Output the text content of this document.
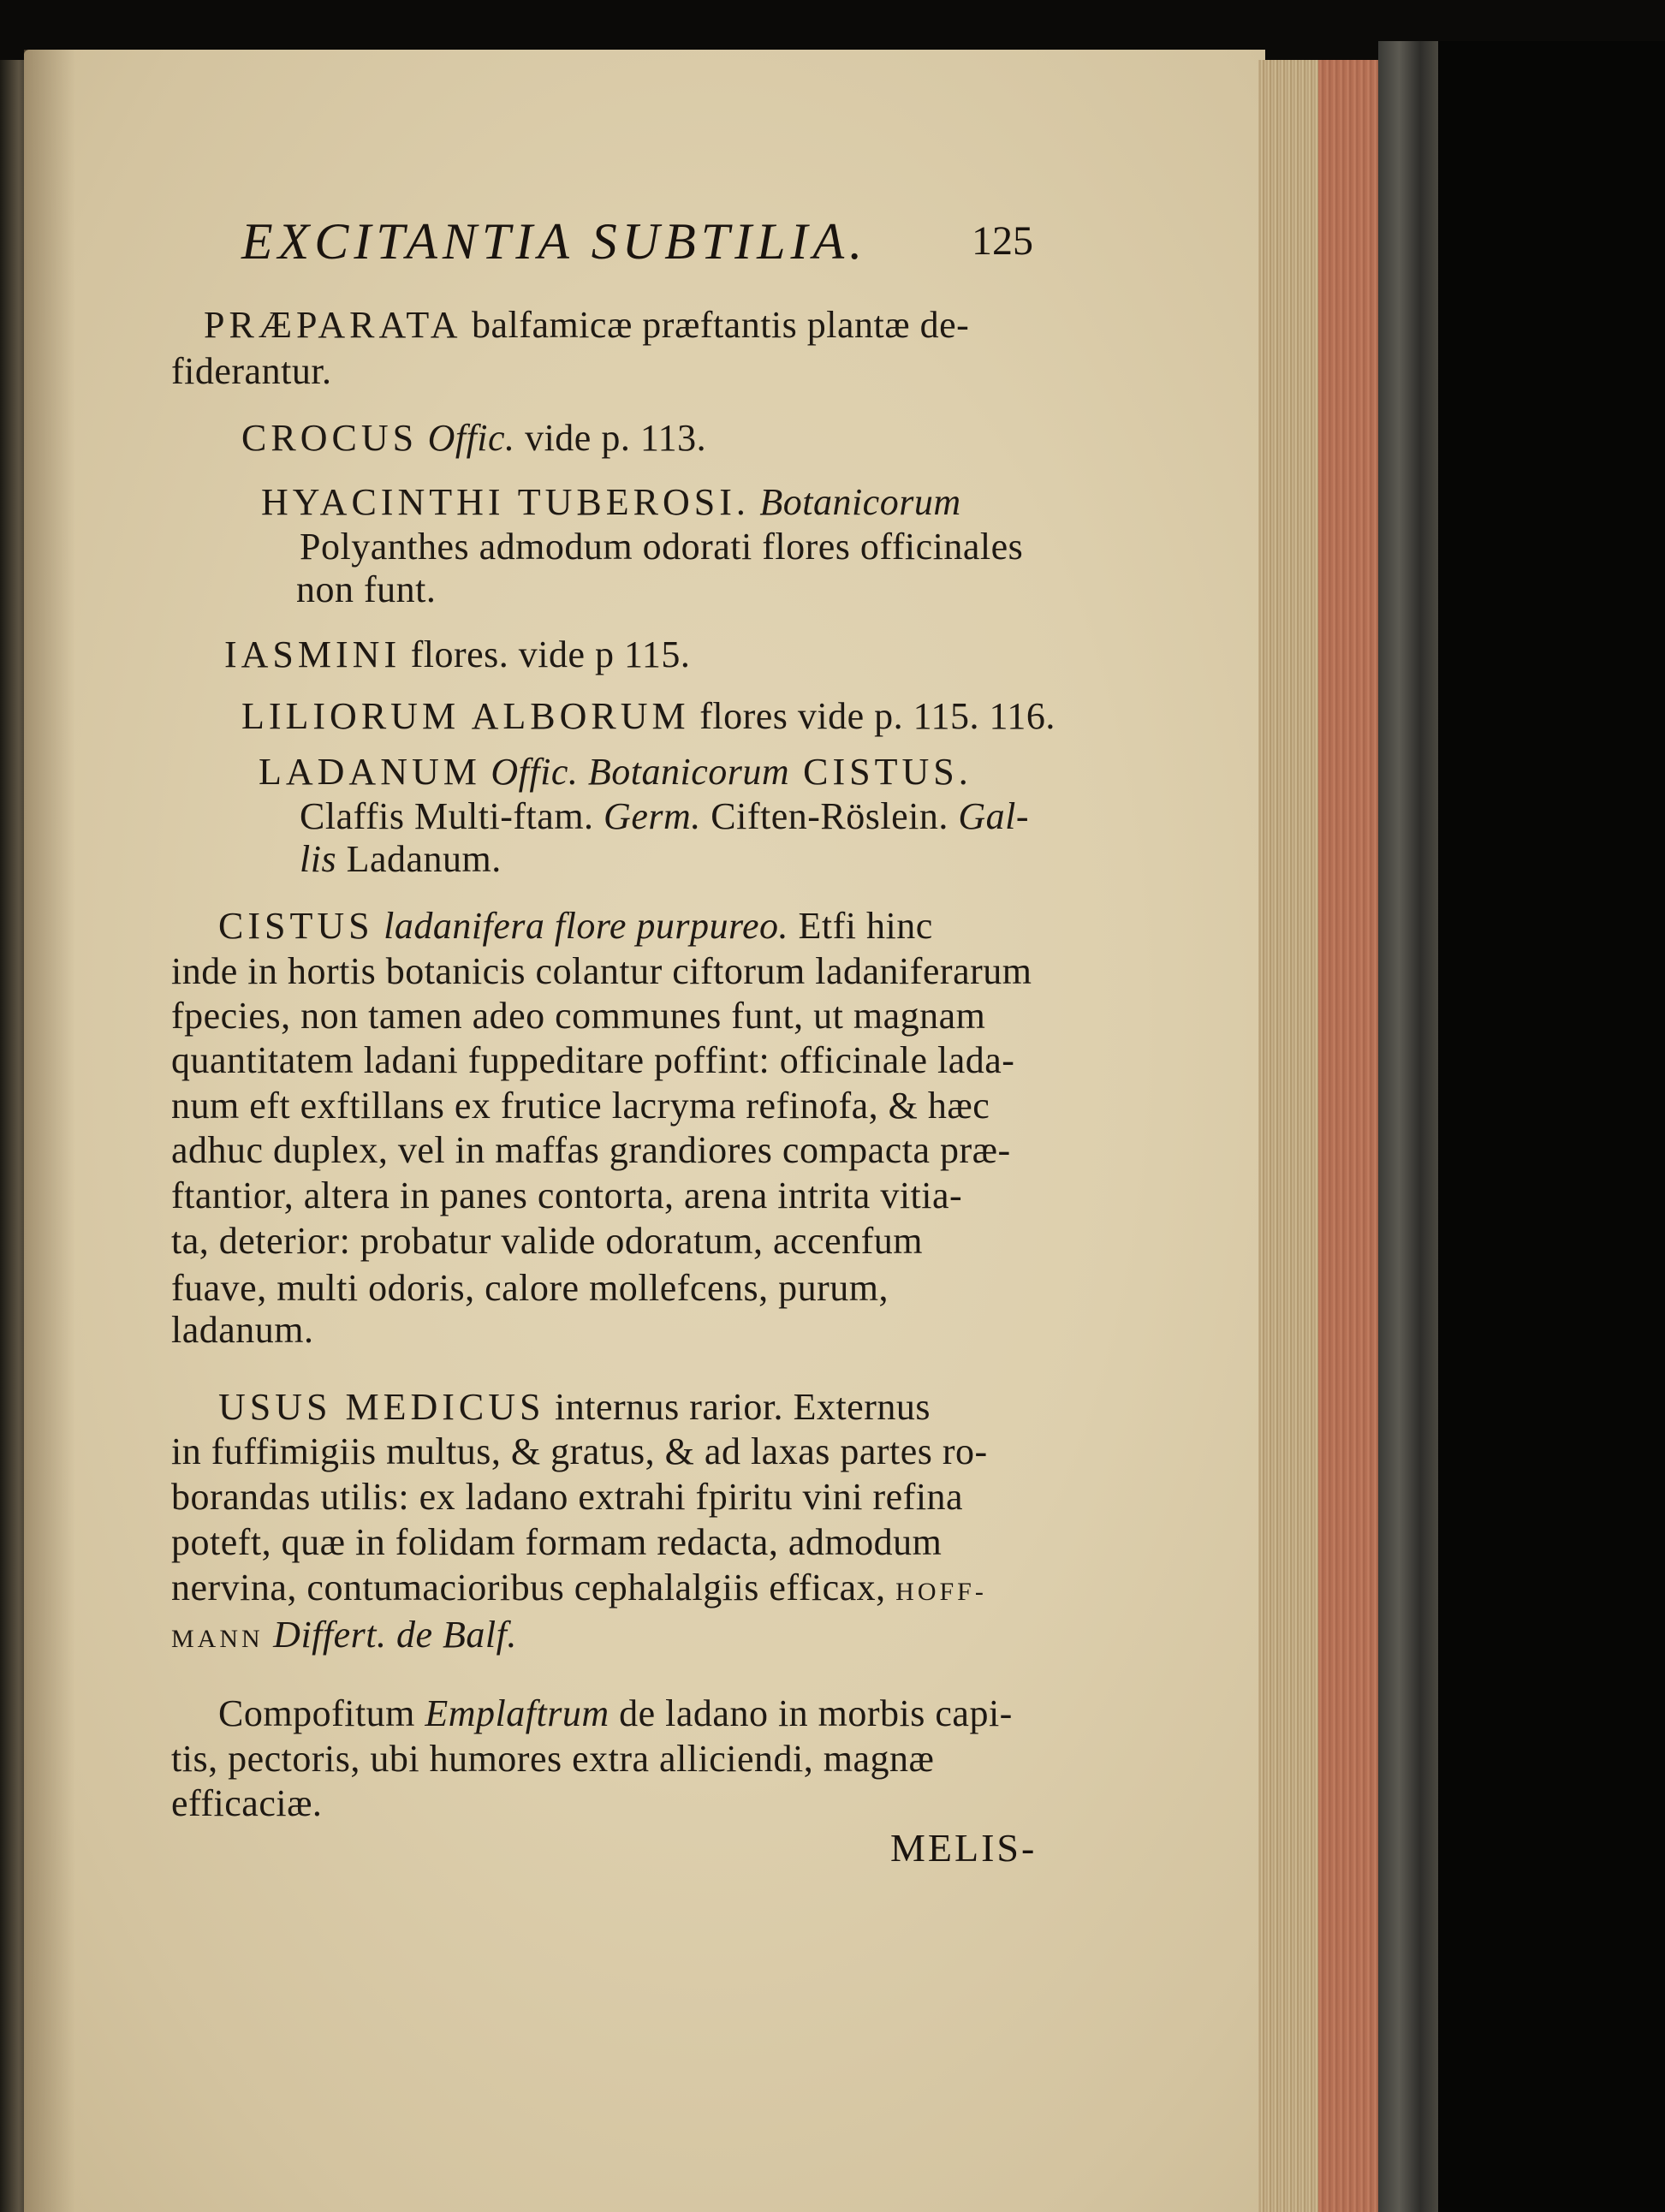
EXCITANTIA SUBTILIA.	125
PRÆPARATA balfamicæ præftantis plantæ de-
fiderantur.
CROCUS Offic. vide p. 113.
HYACINTHI TUBEROSI. Botanicorum
Polyanthes admodum odorati flores officinales
non funt.
IASMINI flores. vide p 115.
LILIORUM ALBORUM flores vide p. 115. 116.
LADANUM Offic. Botanicorum CISTUS.
Claffis Multi-ftam. Germ. Ciften-Röslein. Gal-
lis Ladanum.
CISTUS ladanifera flore purpureo. Etfi hinc
inde in hortis botanicis colantur ciftorum ladaniferarum
fpecies, non tamen adeo communes funt, ut magnam
quantitatem ladani fuppeditare poffint: officinale lada-
num eft exftillans ex frutice lacryma refinofa, & hæc
adhuc duplex, vel in maffas grandiores compacta præ-
ftantior, altera in panes contorta, arena intrita vitia-
ta, deterior: probatur valide odoratum, accenfum
fuave, multi odoris, calore mollefcens, purum,
ladanum.
USUS MEDICUS internus rarior. Externus
in fuffimigiis multus, & gratus, & ad laxas partes ro-
borandas utilis: ex ladano extrahi fpiritu vini refina
poteft, quæ in folidam formam redacta, admodum
nervina, contumacioribus cephalalgiis efficax, HOFF-
MANN Differt. de Balf.
Compofitum Emplaftrum de ladano in morbis capi-
tis, pectoris, ubi humores extra alliciendi, magnæ
efficaciæ.
MELIS-
